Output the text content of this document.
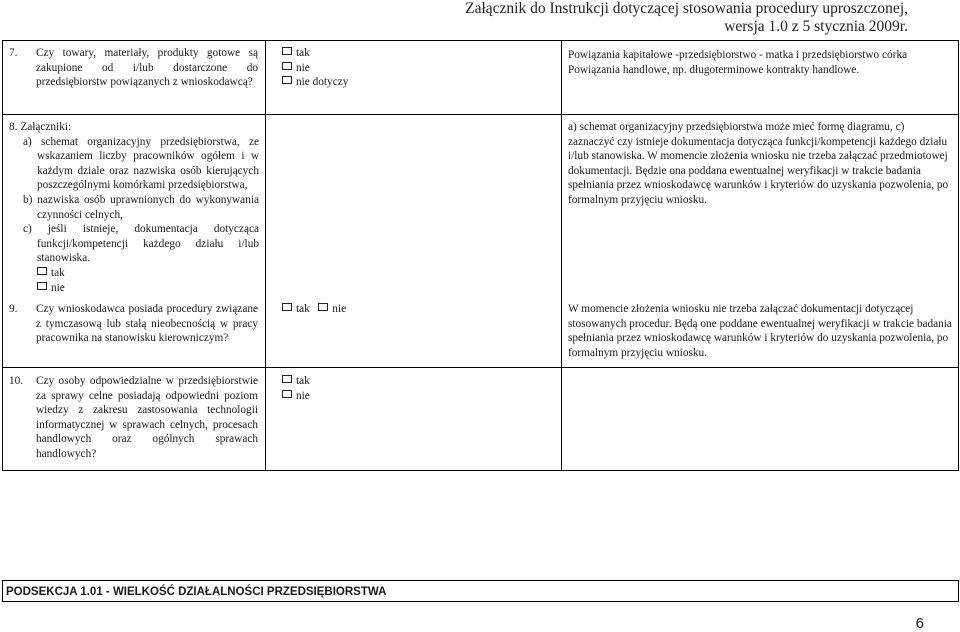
Załącznik do Instrukcji dotyczącej stosowania procedury uproszczonej,
wersja 1.0 z 5 stycznia 2009r.
7. Czy towary, materiały, produkty gotowe są zakupione od i/lub dostarczone do przedsiębiorstw powiązanych z wnioskodawcą?
tak
nie
nie dotyczy
Powiązania kapitałowe -przedsiębiorstwo - matka i przedsiębiorstwo córka
Powiązania handlowe, np. długoterminowe kontrakty handlowe.
8. Załączniki:
a) schemat organizacyjny przedsiębiorstwa, ze wskazaniem liczby pracowników ogółem i w każdym dziale oraz nazwiska osób kierujących poszczególnymi komórkami przedsiębiorstwa,
b) nazwiska osób uprawnionych do wykonywania czynności celnych,
c) jeśli istnieje, dokumentacja dotycząca funkcji/kompetencji każdego działu i/lub stanowiska.
tak
nie
a) schemat organizacyjny przedsiębiorstwa może mieć formę diagramu, c) zaznaczyć czy istnieje dokumentacja dotycząca funkcji/kompetencji każdego działu i/lub stanowiska. W momencie złożenia wniosku nie trzeba załączać przedmiotowej dokumentacji. Będzie ona poddana ewentualnej weryfikacji w trakcie badania spełniania przez wnioskodawcę warunków i kryteriów do uzyskania pozwolenia, po formalnym przyjęciu wniosku.
9. Czy wnioskodawca posiada procedury związane z tymczasową lub stałą nieobecnością w pracy pracownika na stanowisku kierowniczym?
tak nie	W momencie złożenia wniosku nie trzeba załączać dokumentacji dotyczącej stosowanych procedur. Będą one poddane ewentualnej weryfikacji w trakcie badania spełniania przez wnioskodawcę warunków i kryteriów do uzyskania pozwolenia, po formalnym przyjęciu wniosku.
10. Czy osoby odpowiedzialne w przedsiębiorstwie za sprawy celne posiadają odpowiedni poziom wiedzy z zakresu zastosowania technologii informatycznej w sprawach celnych, procesach handlowych oraz ogólnych sprawach handlowych?
tak
nie
PODSEKCJA 1.01 - WIELKOŚĆ DZIAŁALNOŚCI PRZEDSIĘBIORSTWA
6
